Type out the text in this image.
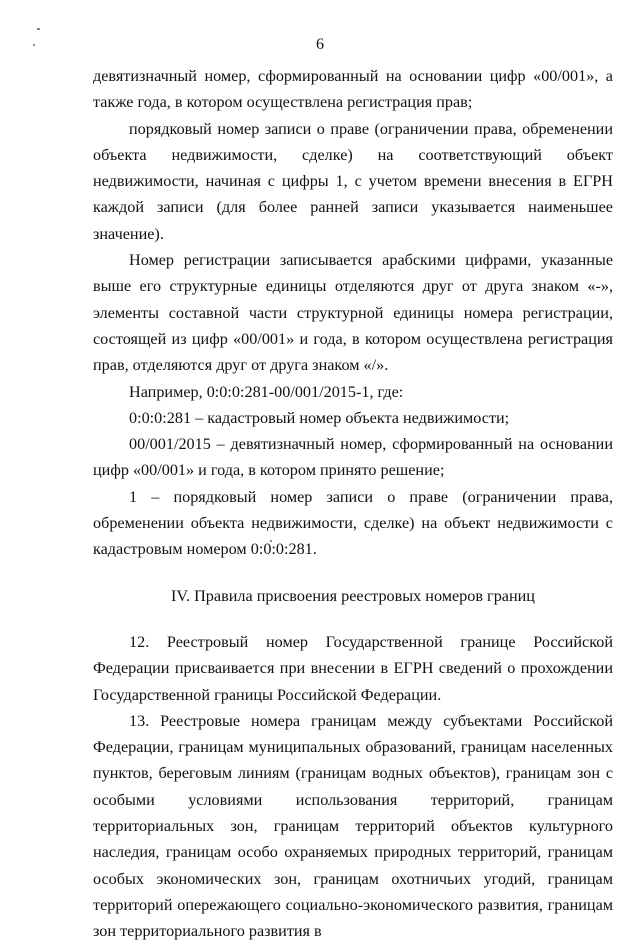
6

девятизначный номер, сформированный на основании цифр «00/001», а также года, в котором осуществлена регистрация прав;

порядковый номер записи о праве (ограничении права, обременении объекта недвижимости, сделке) на соответствующий объект недвижимости, начиная с цифры 1, с учетом времени внесения в ЕГРН каждой записи (для более ранней записи указывается наименьшее значение).

Номер регистрации записывается арабскими цифрами, указанные выше его структурные единицы отделяются друг от друга знаком «-», элементы составной части структурной единицы номера регистрации, состоящей из цифр «00/001» и года, в котором осуществлена регистрация прав, отделяются друг от друга знаком «/».

Например, 0:0:0:281-00/001/2015-1, где:

0:0:0:281 – кадастровый номер объекта недвижимости;

00/001/2015 – девятизначный номер, сформированный на основании цифр «00/001» и года, в котором принято решение;

1 – порядковый номер записи о праве (ограничении права, обременении объекта недвижимости, сделке) на объект недвижимости с кадастровым номером 0:0:0:281.

IV. Правила присвоения реестровых номеров границ

12. Реестровый номер Государственной границе Российской Федерации присваивается при внесении в ЕГРН сведений о прохождении Государственной границы Российской Федерации.

13. Реестровые номера границам между субъектами Российской Федерации, границам муниципальных образований, границам населенных пунктов, береговым линиям (границам водных объектов), границам зон с особыми условиями использования территорий, границам территориальных зон, границам территорий объектов культурного наследия, границам особо охраняемых природных территорий, границам особых экономических зон, границам охотничьих угодий, границам территорий опережающего социально-экономического развития, границам зон территориального развития в
